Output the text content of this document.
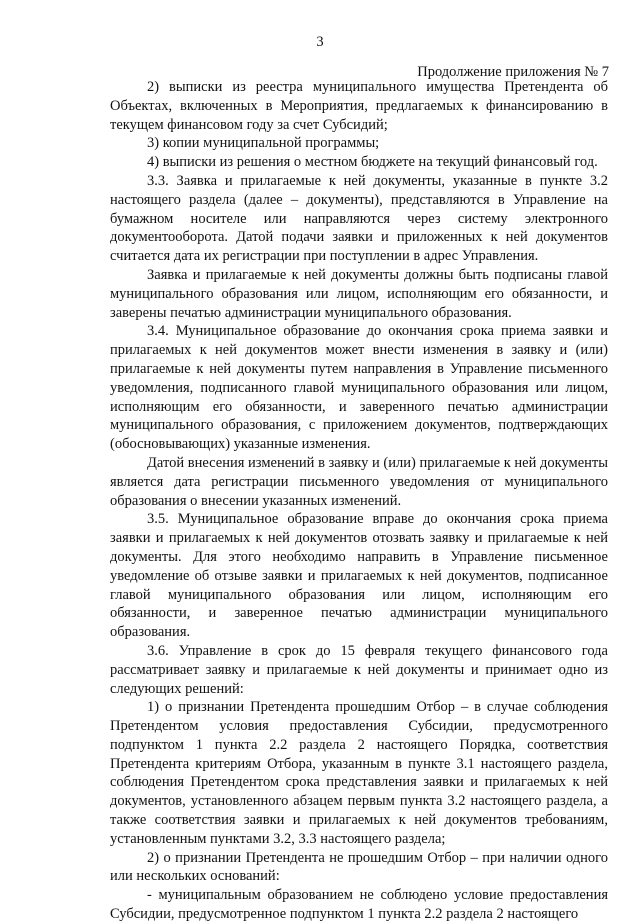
3
Продолжение приложения № 7

2) выписки из реестра муниципального имущества Претендента об Объектах, включенных в Мероприятия, предлагаемых к финансированию в текущем финансовом году за счет Субсидий;

3) копии муниципальной программы;

4) выписки из решения о местном бюджете на текущий финансовый год.

3.3. Заявка и прилагаемые к ней документы, указанные в пункте 3.2 настоящего раздела (далее – документы), представляются в Управление на бумажном носителе или направляются через систему электронного документооборота. Датой подачи заявки и приложенных к ней документов считается дата их регистрации при поступлении в адрес Управления.

Заявка и прилагаемые к ней документы должны быть подписаны главой муниципального образования или лицом, исполняющим его обязанности, и заверены печатью администрации муниципального образования.

3.4. Муниципальное образование до окончания срока приема заявки и прилагаемых к ней документов может внести изменения в заявку и (или) прилагаемые к ней документы путем направления в Управление письменного уведомления, подписанного главой муниципального образования или лицом, исполняющим его обязанности, и заверенного печатью администрации муниципального образования, с приложением документов, подтверждающих (обосновывающих) указанные изменения.

Датой внесения изменений в заявку и (или) прилагаемые к ней документы является дата регистрации письменного уведомления от муниципального образования о внесении указанных изменений.

3.5. Муниципальное образование вправе до окончания срока приема заявки и прилагаемых к ней документов отозвать заявку и прилагаемые к ней документы. Для этого необходимо направить в Управление письменное уведомление об отзыве заявки и прилагаемых к ней документов, подписанное главой муниципального образования или лицом, исполняющим его обязанности, и заверенное печатью администрации муниципального образования.

3.6. Управление в срок до 15 февраля текущего финансового года рассматривает заявку и прилагаемые к ней документы и принимает одно из следующих решений:

1) о признании Претендента прошедшим Отбор – в случае соблюдения Претендентом условия предоставления Субсидии, предусмотренного подпунктом 1 пункта 2.2 раздела 2 настоящего Порядка, соответствия Претендента критериям Отбора, указанным в пункте 3.1 настоящего раздела, соблюдения Претендентом срока представления заявки и прилагаемых к ней документов, установленного абзацем первым пункта 3.2 настоящего раздела, а также соответствия заявки и прилагаемых к ней документов требованиям, установленным пунктами 3.2, 3.3 настоящего раздела;

2) о признании Претендента не прошедшим Отбор – при наличии одного или нескольких оснований:

- муниципальным образованием не соблюдено условие предоставления Субсидии, предусмотренное подпунктом 1 пункта 2.2 раздела 2 настоящего
